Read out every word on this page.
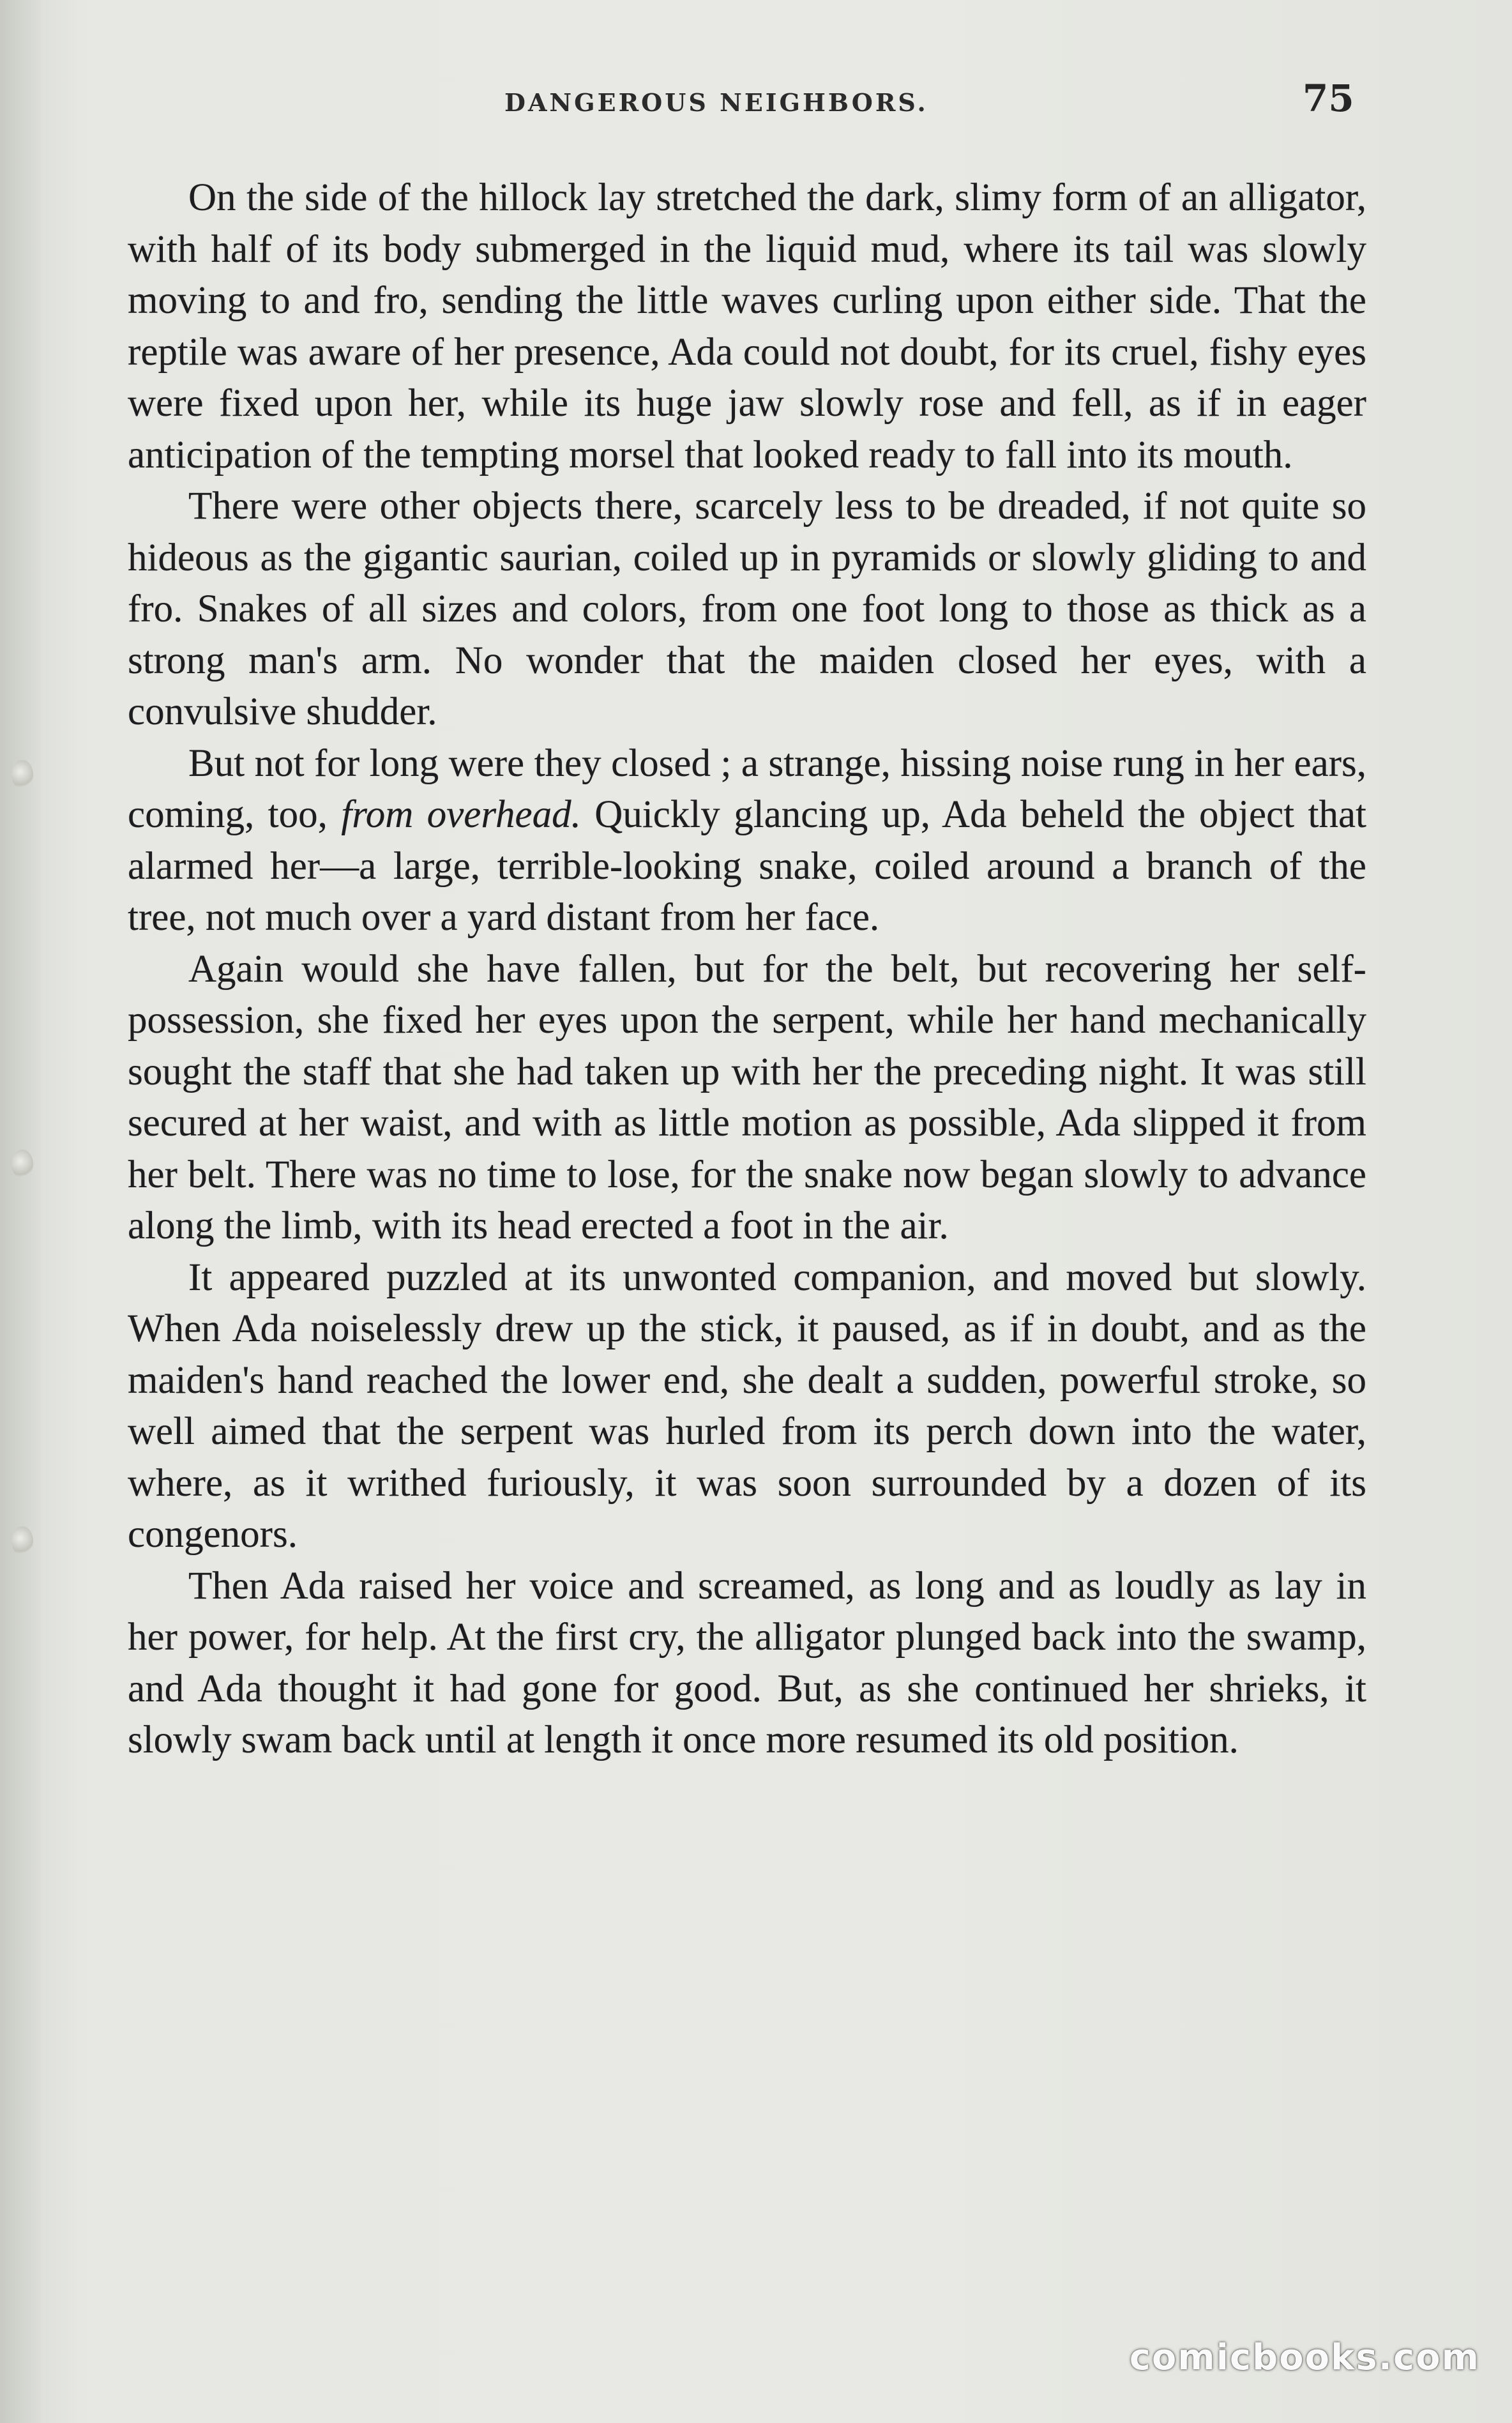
DANGEROUS NEIGHBORS.	75

On the side of the hillock lay stretched the dark, slimy form of an alligator, with half of its body submerged in the liquid mud, where its tail was slowly moving to and fro, sending the little waves curling upon either side. That the reptile was aware of her presence, Ada could not doubt, for its cruel, fishy eyes were fixed upon her, while its huge jaw slowly rose and fell, as if in eager anticipation of the tempting morsel that looked ready to fall into its mouth.

There were other objects there, scarcely less to be dreaded, if not quite so hideous as the gigantic saurian, coiled up in pyramids or slowly gliding to and fro. Snakes of all sizes and colors, from one foot long to those as thick as a strong man's arm. No wonder that the maiden closed her eyes, with a convulsive shudder.

But not for long were they closed ; a strange, hissing noise rung in her ears, coming, too, from overhead. Quickly glancing up, Ada beheld the object that alarmed her—a large, terrible-looking snake, coiled around a branch of the tree, not much over a yard distant from her face.

Again would she have fallen, but for the belt, but recovering her self-possession, she fixed her eyes upon the serpent, while her hand mechanically sought the staff that she had taken up with her the preceding night. It was still secured at her waist, and with as little motion as possible, Ada slipped it from her belt. There was no time to lose, for the snake now began slowly to advance along the limb, with its head erected a foot in the air.

It appeared puzzled at its unwonted companion, and moved but slowly. When Ada noiselessly drew up the stick, it paused, as if in doubt, and as the maiden's hand reached the lower end, she dealt a sudden, powerful stroke, so well aimed that the serpent was hurled from its perch down into the water, where, as it writhed furiously, it was soon surrounded by a dozen of its congenors.

Then Ada raised her voice and screamed, as long and as loudly as lay in her power, for help. At the first cry, the alligator plunged back into the swamp, and Ada thought it had gone for good. But, as she continued her shrieks, it slowly swam back until at length it once more resumed its old position.

comicbooks.com
